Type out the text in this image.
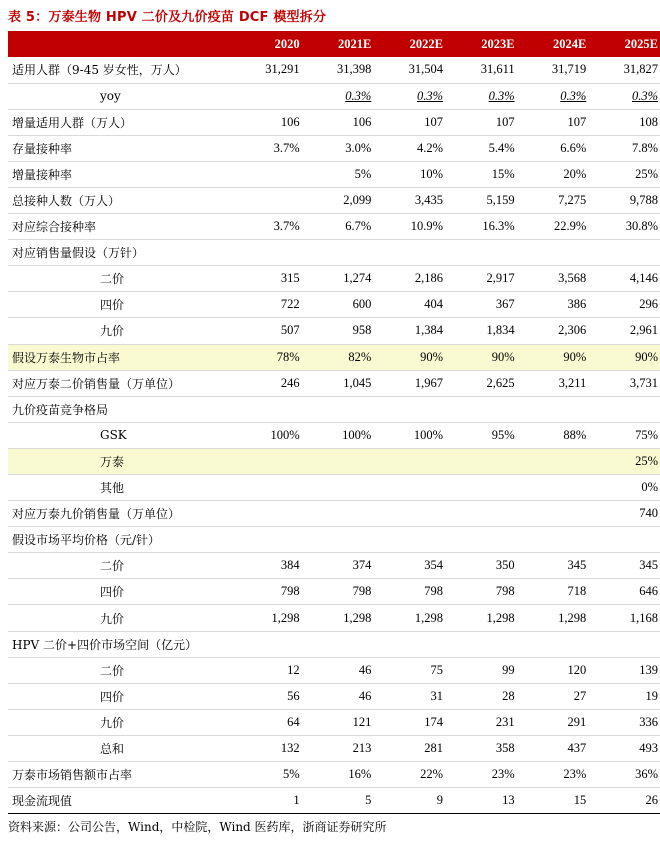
表 5：万泰生物 HPV 二价及九价疫苗 DCF 模型拆分
	2020	2021E	2022E	2023E	2024E	2025E
适用人群（9-45 岁女性，万人）	31,291	31,398	31,504	31,611	31,719	31,827
yoy		0.3%	0.3%	0.3%	0.3%	0.3%
增量适用人群（万人）	106	106	107	107	107	108
存量接种率	3.7%	3.0%	4.2%	5.4%	6.6%	7.8%
增量接种率		5%	10%	15%	20%	25%
总接种人数（万人）		2,099	3,435	5,159	7,275	9,788
对应综合接种率	3.7%	6.7%	10.9%	16.3%	22.9%	30.8%
对应销售量假设（万针）						
二价	315	1,274	2,186	2,917	3,568	4,146
四价	722	600	404	367	386	296
九价	507	958	1,384	1,834	2,306	2,961
假设万泰生物市占率	78%	82%	90%	90%	90%	90%
对应万泰二价销售量（万单位）	246	1,045	1,967	2,625	3,211	3,731
九价疫苗竞争格局						
GSK	100%	100%	100%	95%	88%	75%
万泰						25%
其他						0%
对应万泰九价销售量（万单位）						740
假设市场平均价格（元/针）						
二价	384	374	354	350	345	345
四价	798	798	798	798	718	646
九价	1,298	1,298	1,298	1,298	1,298	1,168
HPV 二价+四价市场空间（亿元）						
二价	12	46	75	99	120	139
四价	56	46	31	28	27	19
九价	64	121	174	231	291	336
总和	132	213	281	358	437	493
万泰市场销售额市占率	5%	16%	22%	23%	23%	36%
现金流现值	1	5	9	13	15	26
资料来源：公司公告，Wind，中检院，Wind 医药库，浙商证券研究所
